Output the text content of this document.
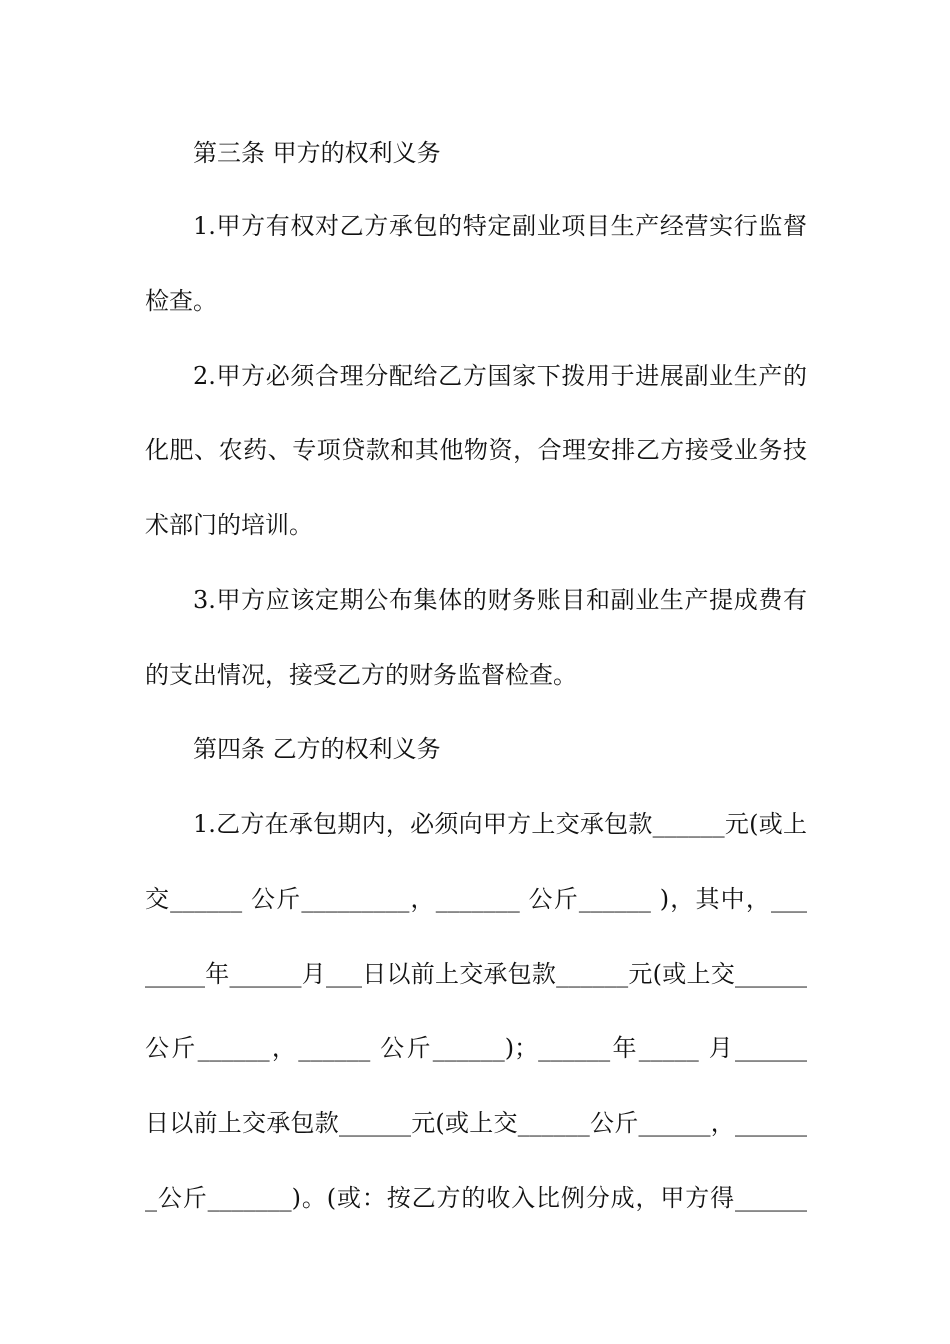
第三条 甲方的权利义务
1.甲方有权对乙方承包的特定副业项目生产经营实行监督
检查。
2.甲方必须合理分配给乙方国家下拨用于进展副业生产的
化肥、农药、专项贷款和其他物资，合理安排乙方接受业务技
术部门的培训。
3.甲方应该定期公布集体的财务账目和副业生产提成费有
的支出情况，接受乙方的财务监督检查。
第四条 乙方的权利义务
1.乙方在承包期内，必须向甲方上交承包款______元(或上
交______ 公斤_________，_______ 公斤______ )，其中，___
_____年______月___日以前上交承包款______元(或上交______
公斤______，______ 公斤______)；______年_____ 月______
日以前上交承包款______元(或上交______公斤______，______
_公斤_______)。(或：按乙方的收入比例分成，甲方得______
